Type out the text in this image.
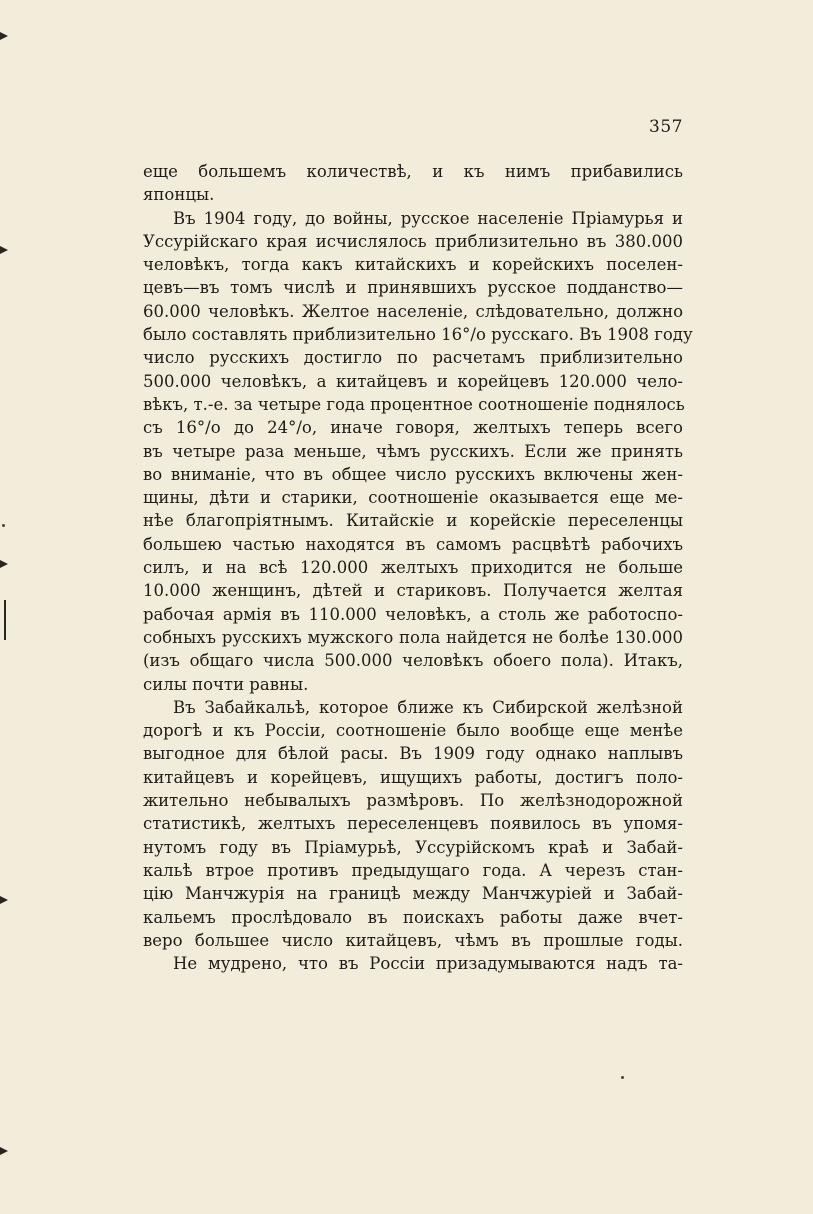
357
еще большемъ количествѣ, и къ нимъ прибавились
японцы.
Въ 1904 году, до войны, русское населеніе Пріамурья и
Уссурійскаго края исчислялось приблизительно въ 380.000
человѣкъ, тогда какъ китайскихъ и корейскихъ поселен-
цевъ—въ томъ числѣ и принявшихъ русское подданство—
60.000 человѣкъ. Желтое населеніе, слѣдовательно, должно
было составлять приблизительно 16°/о русскаго. Въ 1908 году
число русскихъ достигло по расчетамъ приблизительно
500.000 человѣкъ, а китайцевъ и корейцевъ 120.000 чело-
вѣкъ, т.-е. за четыре года процентное соотношеніе поднялось
съ 16°/о до 24°/о, иначе говоря, желтыхъ теперь всего
въ четыре раза меньше, чѣмъ русскихъ. Если же принять
во вниманіе, что въ общее число русскихъ включены жен-
щины, дѣти и старики, соотношеніе оказывается еще ме-
нѣе благопріятнымъ. Китайскіе и корейскіе переселенцы
большею частью находятся въ самомъ расцвѣтѣ рабочихъ
силъ, и на всѣ 120.000 желтыхъ приходится не больше
10.000 женщинъ, дѣтей и стариковъ. Получается желтая
рабочая армія въ 110.000 человѣкъ, а столь же работоспо-
собныхъ русскихъ мужского пола найдется не болѣе 130.000
(изъ общаго числа 500.000 человѣкъ обоего пола). Итакъ,
силы почти равны.
Въ Забайкальѣ, которое ближе къ Сибирской желѣзной
дорогѣ и къ Россіи, соотношеніе было вообще еще менѣе
выгодное для бѣлой расы. Въ 1909 году однако наплывъ
китайцевъ и корейцевъ, ищущихъ работы, достигъ поло-
жительно небывалыхъ размѣровъ. По желѣзнодорожной
статистикѣ, желтыхъ переселенцевъ появилось въ упомя-
нутомъ году въ Пріамурьѣ, Уссурійскомъ краѣ и Забай-
кальѣ втрое противъ предыдущаго года. А черезъ стан-
цію Манчжурія на границѣ между Манчжуріей и Забай-
кальемъ прослѣдовало въ поискахъ работы даже вчет-
веро большее число китайцевъ, чѣмъ въ прошлые годы.
Не мудрено, что въ Россіи призадумываются надъ та-
